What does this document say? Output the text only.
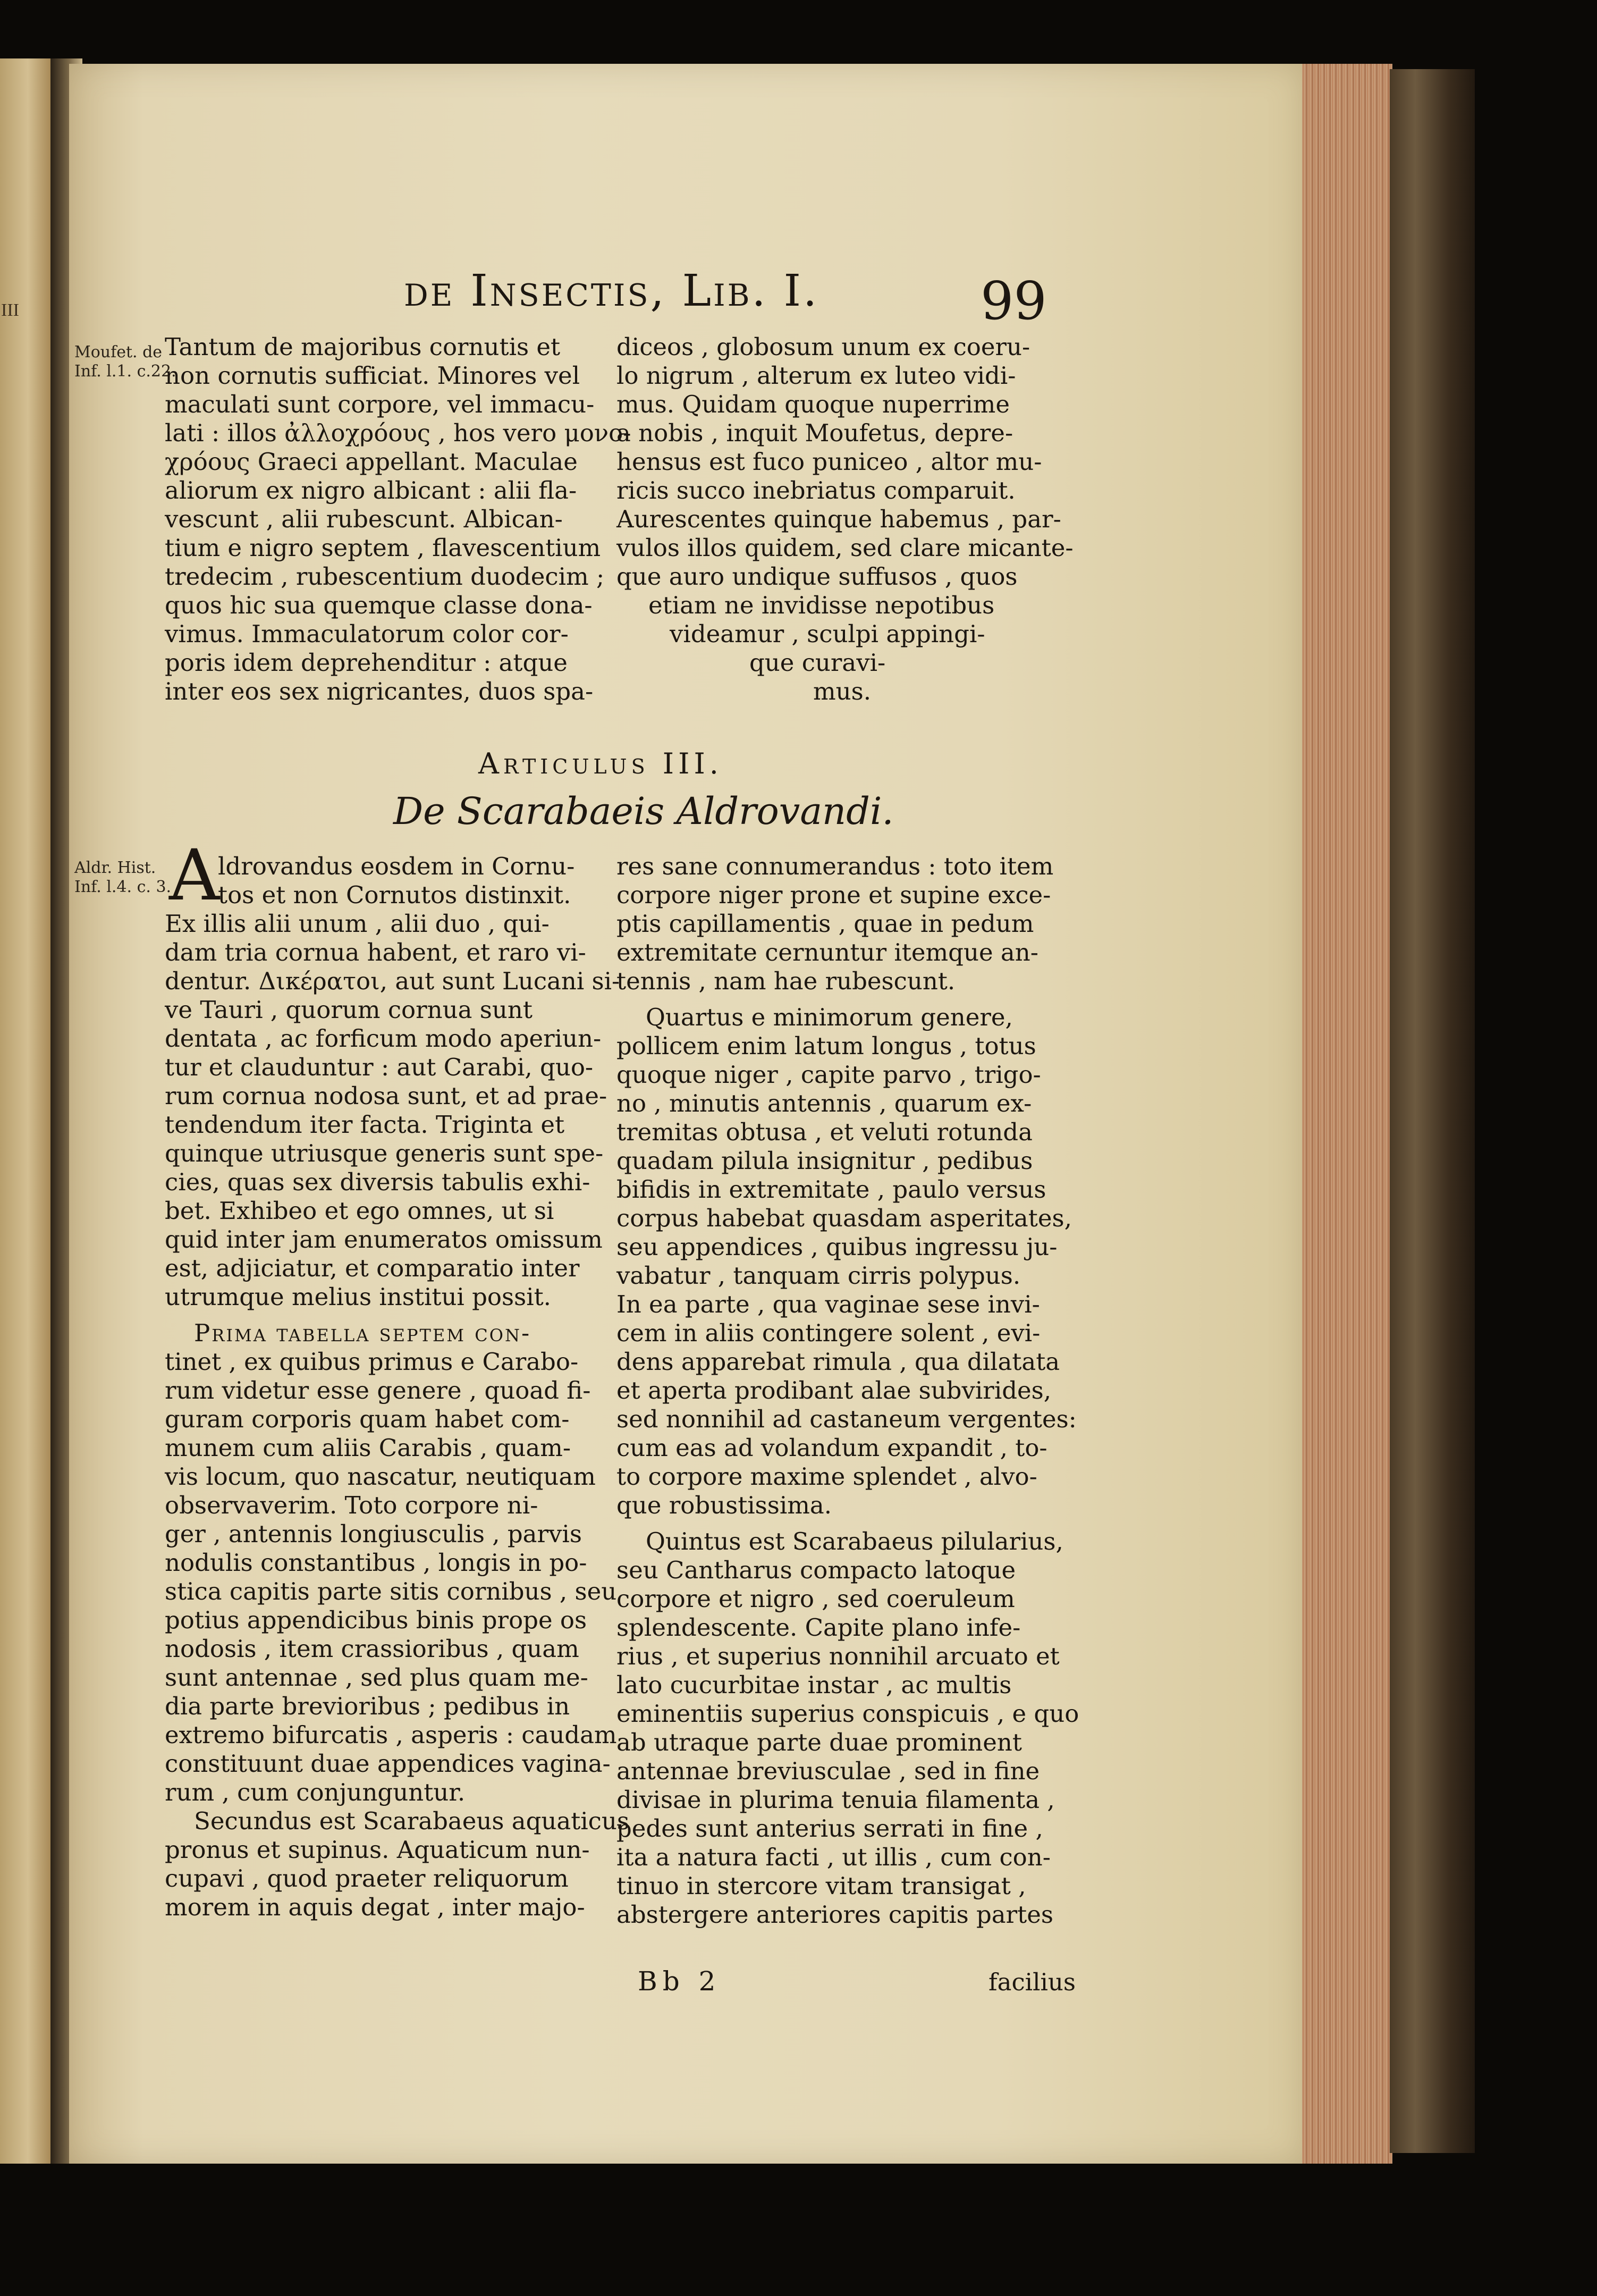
III	de Insectis, Lib. I.	99
Moufet. de
Inf. l.1. c.22.
Tantum de majoribus cornutis et
non cornutis sufficiat. Minores vel
maculati sunt corpore, vel immacu-
lati : illos ἀλλοχρόους , hos vero μονο-
χρόους Graeci appellant. Maculae
aliorum ex nigro albicant : alii fla-
vescunt , alii rubescunt. Albican-
tium e nigro septem , flavescentium
tredecim , rubescentium duodecim ;
quos hic sua quemque classe dona-
vimus. Immaculatorum color cor-
poris idem deprehenditur : atque
inter eos sex nigricantes, duos spa-
diceos , globosum unum ex coeru-
lo nigrum , alterum ex luteo vidi-
mus. Quidam quoque nuperrime
a nobis , inquit Moufetus, depre-
hensus est fuco puniceo , altor mu-
ricis succo inebriatus comparuit.
Aurescentes quinque habemus , par-
vulos illos quidem, sed clare micante-
que auro undique suffusos , quos
etiam ne invidisse nepotibus
videamur , sculpi appingi-
que curavi-
mus.
Articulus III.
De Scarabaeis Aldrovandi.
Aldr. Hist.
Inf. l.4. c. 3.
A
ldrovandus eosdem in Cornu-
tos et non Cornutos distinxit.
Ex illis alii unum , alii duo , qui-
dam tria cornua habent, et raro vi-
dentur. Δικέρατοι, aut sunt Lucani si-
ve Tauri , quorum cornua sunt
dentata , ac forficum modo aperiun-
tur et clauduntur : aut Carabi, quo-
rum cornua nodosa sunt, et ad prae-
tendendum iter facta. Triginta et
quinque utriusque generis sunt spe-
cies, quas sex diversis tabulis exhi-
bet. Exhibeo et ego omnes, ut si
quid inter jam enumeratos omissum
est, adjiciatur, et comparatio inter
utrumque melius institui possit.
Prima tabella septem con-
tinet , ex quibus primus e Carabo-
rum videtur esse genere , quoad fi-
guram corporis quam habet com-
munem cum aliis Carabis , quam-
vis locum, quo nascatur, neutiquam
observaverim. Toto corpore ni-
ger , antennis longiusculis , parvis
nodulis constantibus , longis in po-
stica capitis parte sitis cornibus , seu
potius appendicibus binis prope os
nodosis , item crassioribus , quam
sunt antennae , sed plus quam me-
dia parte brevioribus ; pedibus in
extremo bifurcatis , asperis : caudam
constituunt duae appendices vagina-
rum , cum conjunguntur.
Secundus est Scarabaeus aquaticus
pronus et supinus. Aquaticum nun-
cupavi , quod praeter reliquorum
morem in aquis degat , inter majo-
res sane connumerandus : toto item
corpore niger prone et supine exce-
ptis capillamentis , quae in pedum
extremitate cernuntur itemque an-
tennis , nam hae rubescunt.
Quartus e minimorum genere,
pollicem enim latum longus , totus
quoque niger , capite parvo , trigo-
no , minutis antennis , quarum ex-
tremitas obtusa , et veluti rotunda
quadam pilula insignitur , pedibus
bifidis in extremitate , paulo versus
corpus habebat quasdam asperitates,
seu appendices , quibus ingressu ju-
vabatur , tanquam cirris polypus.
In ea parte , qua vaginae sese invi-
cem in aliis contingere solent , evi-
dens apparebat rimula , qua dilatata
et aperta prodibant alae subvirides,
sed nonnihil ad castaneum vergentes:
cum eas ad volandum expandit , to-
to corpore maxime splendet , alvo-
que robustissima.
Quintus est Scarabaeus pilularius,
seu Cantharus compacto latoque
corpore et nigro , sed coeruleum
splendescente. Capite plano infe-
rius , et superius nonnihil arcuato et
lato cucurbitae instar , ac multis
eminentiis superius conspicuis , e quo
ab utraque parte duae prominent
antennae breviusculae , sed in fine
divisae in plurima tenuia filamenta ,
pedes sunt anterius serrati in fine ,
ita a natura facti , ut illis , cum con-
tinuo in stercore vitam transigat ,
abstergere anteriores capitis partes
Bb 2	facilius
